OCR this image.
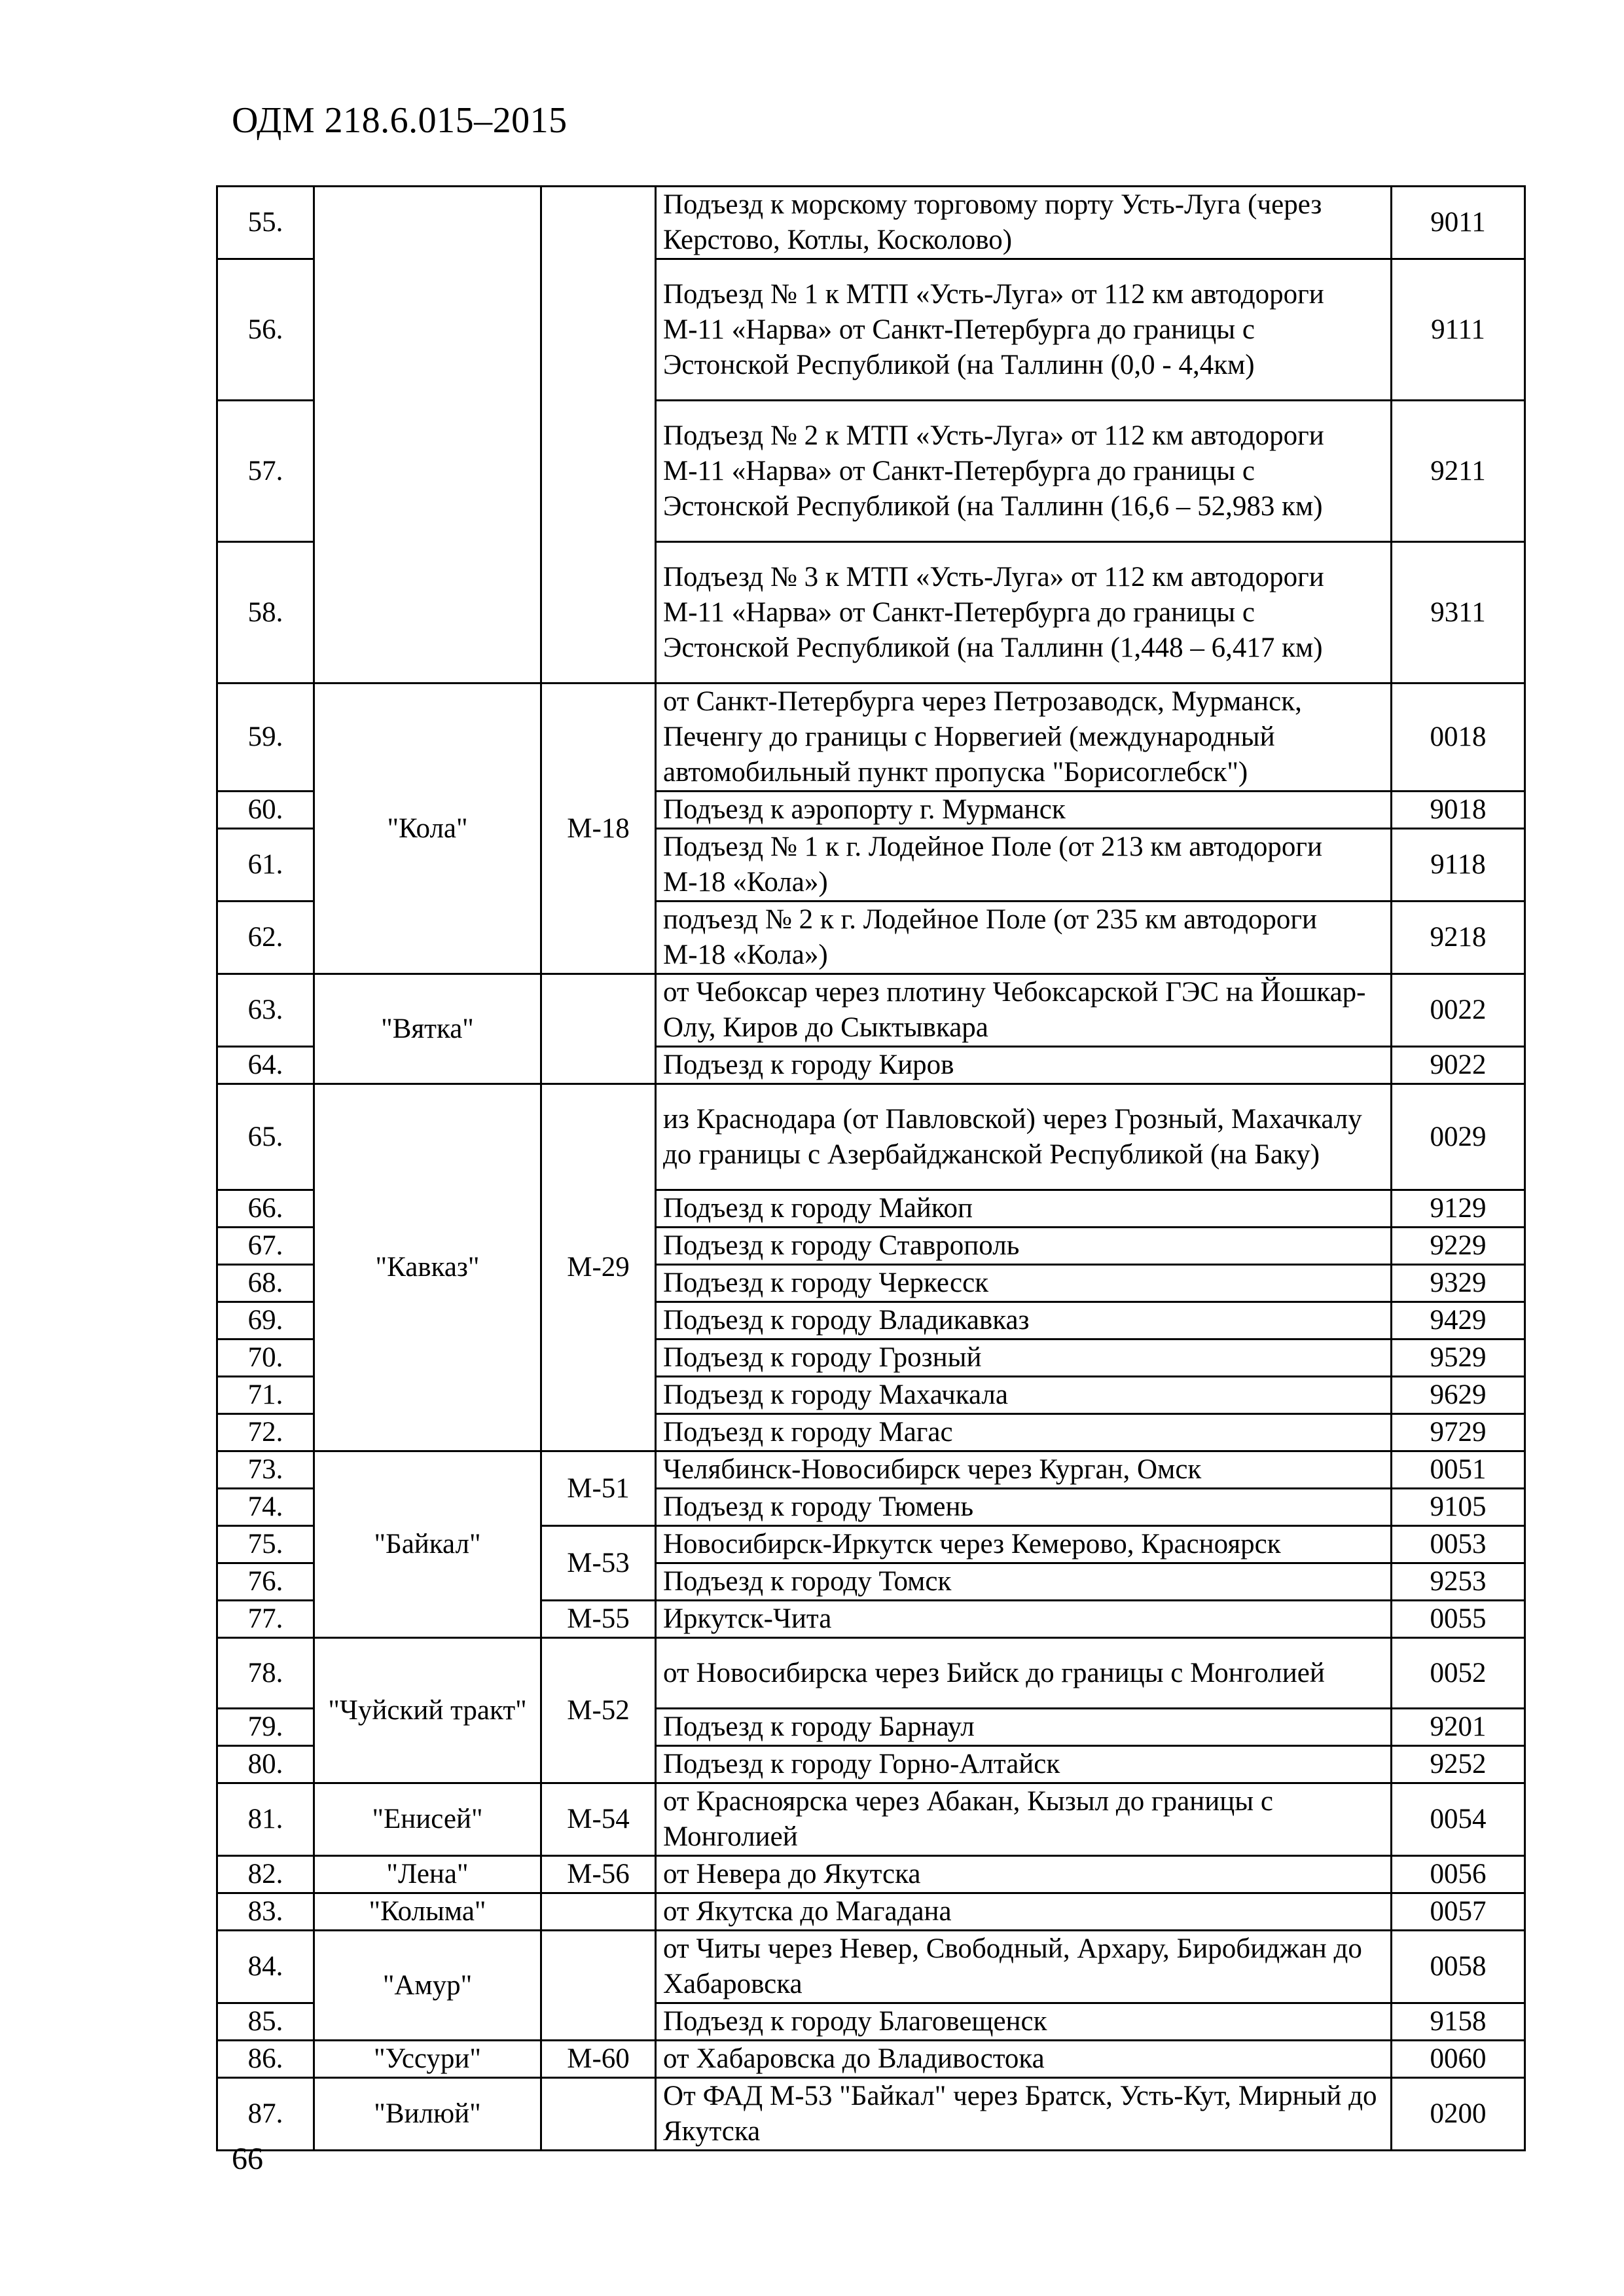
ОДМ 218.6.015–2015
55.			Подъезд к морскому торговому порту Усть-Луга (через Керстово, Котлы, Косколово)	9011
56.			Подъезд № 1 к МТП «Усть-Луга» от 112 км автодороги М-11 «Нарва» от Санкт-Петербурга до границы с Эстонской Республикой (на Таллинн (0,0 - 4,4км)	9111
57.			Подъезд № 2 к МТП «Усть-Луга» от 112 км автодороги М-11 «Нарва» от Санкт-Петербурга до границы с Эстонской Республикой (на Таллинн (16,6 – 52,983 км)	9211
58.			Подъезд № 3 к МТП «Усть-Луга» от 112 км автодороги М-11 «Нарва» от Санкт-Петербурга до границы с Эстонской Республикой (на Таллинн (1,448 – 6,417 км)	9311
59.	"Кола"	М-18	от Санкт-Петербурга через Петрозаводск, Мурманск, Печенгу до границы с Норвегией (международный автомобильный пункт пропуска "Борисоглебск")	0018
60.			Подъезд к аэропорту г. Мурманск	9018
61.			Подъезд № 1 к г. Лодейное Поле (от 213 км автодороги М-18 «Кола»)	9118
62.			подъезд № 2 к г. Лодейное Поле (от 235 км автодороги М-18 «Кола»)	9218
63.	"Вятка"		от Чебоксар через плотину Чебоксарской ГЭС на Йошкар-Олу, Киров до Сыктывкара	0022
64.			Подъезд к городу Киров	9022
65.	"Кавказ"	М-29	из Краснодара (от Павловской) через Грозный, Махачкалу до границы с Азербайджанской Республикой (на Баку)	0029
66.			Подъезд к городу Майкоп	9129
67.			Подъезд к городу Ставрополь	9229
68.			Подъезд к городу Черкесск	9329
69.			Подъезд к городу Владикавказ	9429
70.			Подъезд к городу Грозный	9529
71.			Подъезд к городу Махачкала	9629
72.			Подъезд к городу Магас	9729
73.	"Байкал"	М-51	Челябинск-Новосибирск через Курган, Омск	0051
74.			Подъезд к городу Тюмень	9105
75.		М-53	Новосибирск-Иркутск через Кемерово, Красноярск	0053
76.			Подъезд к городу Томск	9253
77.		М-55	Иркутск-Чита	0055
78.	"Чуйский тракт"	М-52	от Новосибирска через Бийск до границы с Монголией	0052
79.			Подъезд к городу Барнаул	9201
80.			Подъезд к городу Горно-Алтайск	9252
81.	"Енисей"	М-54	от Красноярска через Абакан, Кызыл до границы с Монголией	0054
82.	"Лена"	М-56	от Невера до Якутска	0056
83.	"Колыма"		от Якутска до Магадана	0057
84.	"Амур"		от Читы через Невер, Свободный, Архару, Биробиджан до Хабаровска	0058
85.			Подъезд к городу Благовещенск	9158
86.	"Уссури"	М-60	от Хабаровска до Владивостока	0060
87.	"Вилюй"		От ФАД М-53 "Байкал" через Братск, Усть-Кут, Мирный до Якутска	0200
66
